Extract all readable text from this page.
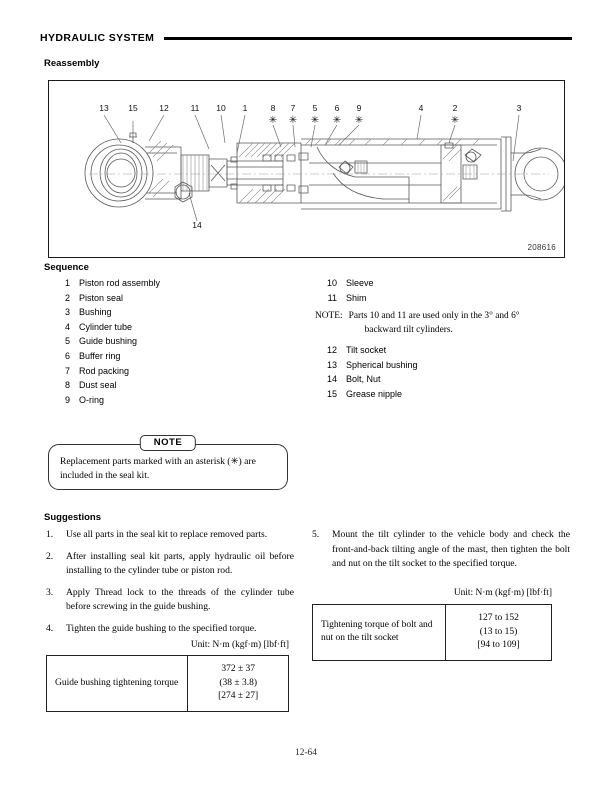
HYDRAULIC SYSTEM
Reassembly
13 15	12	11 10 1	8 7 5 6 9	4	2	3
14
✳ ✳ ✳ ✳ ✳	✳
208616
Sequence
1	Piston rod assembly
2	Piston seal
3	Bushing
4	Cylinder tube
5	Guide bushing
6	Buffer ring
7	Rod packing
8	Dust seal
9	O-ring
10	Sleeve
11	Shim
NOTE: Parts 10 and 11 are used only in the 3° and 6°
backward tilt cylinders.
12	Tilt socket
13	Spherical bushing
14	Bolt, Nut
15	Grease nipple
NOTE
Replacement parts marked with an asterisk (✳) are included in the seal kit.
Suggestions
1.	Use all parts in the seal kit to replace removed parts.
2.	After installing seal kit parts, apply hydraulic oil before installing to the cylinder tube or piston rod.
3.	Apply Thread lock to the threads of the cylinder tube before screwing in the guide bushing.
4.	Tighten the guide bushing to the specified torque.
5.	Mount the tilt cylinder to the vehicle body and check the front-and-back tilting angle of the mast, then tighten the bolt and nut on the tilt socket to the specified torque.
Unit: N·m (kgf·m) [lbf·ft]
Unit: N·m (kgf·m) [lbf·ft]
Guide bushing tightening torque	
372 ± 37
(38 ± 3.8)
[274 ± 27]
Tightening torque of bolt and nut on the tilt socket	
127 to 152
(13 to 15)
[94 to 109]
12-64
